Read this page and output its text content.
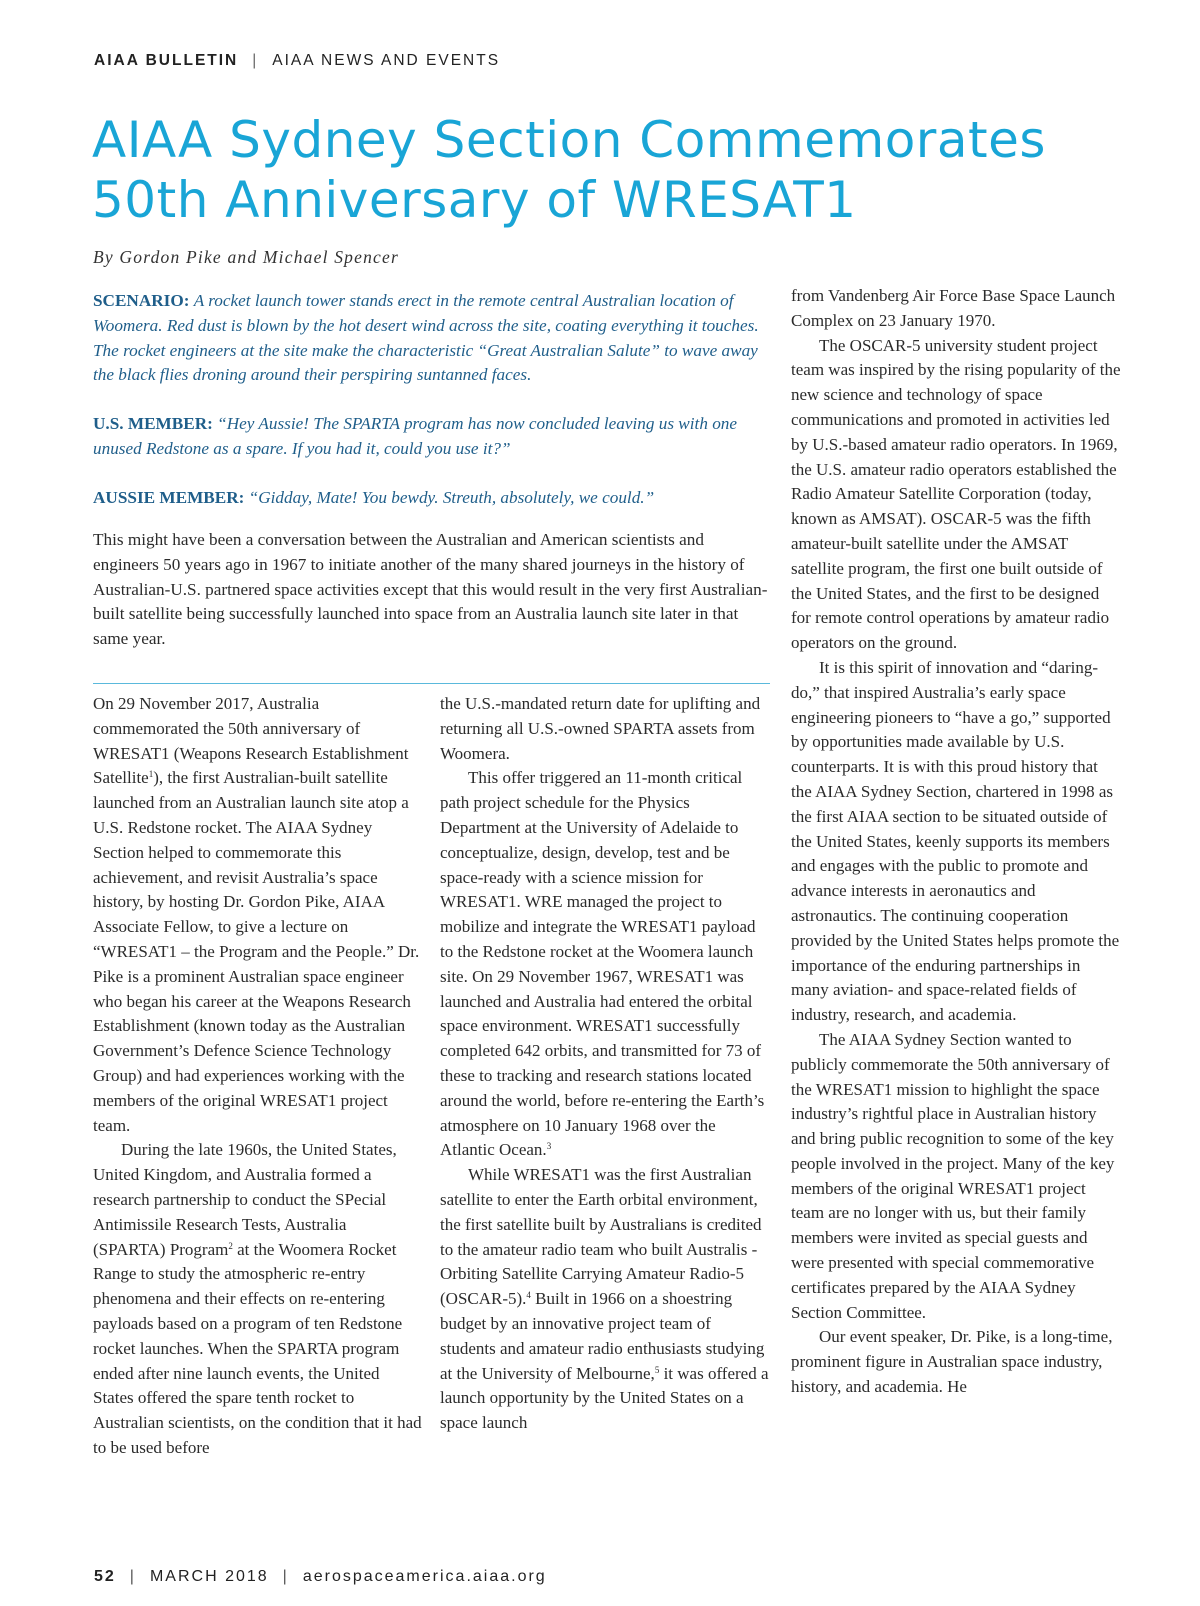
AIAA BULLETIN | AIAA NEWS AND EVENTS
AIAA Sydney Section Commemorates
50th Anniversary of WRESAT1
By Gordon Pike and Michael Spencer

SCENARIO: A rocket launch tower stands erect in the remote central Australian location of Woomera. Red dust is blown by the hot desert wind across the site, coating everything it touches. The rocket engineers at the site make the characteristic “Great Australian Salute” to wave away the black flies droning around their perspiring suntanned faces.

U.S. MEMBER: “Hey Aussie! The SPARTA program has now concluded leaving us with one unused Redstone as a spare. If you had it, could you use it?”

AUSSIE MEMBER: “Gidday, Mate! You bewdy. Streuth, absolutely, we could.”

This might have been a conversation between the Australian and American scientists and engineers 50 years ago in 1967 to initiate another of the many shared journeys in the history of Australian-U.S. partnered space activities except that this would result in the very first Australian-built satellite being successfully launched into space from an Australia launch site later in that same year.

On 29 November 2017, Australia commemorated the 50th anniversary of WRESAT1 (Weapons Research Establishment Satellite$^1$), the first Australian-built satellite launched from an Australian launch site atop a U.S. Redstone rocket. The AIAA Sydney Section helped to commemorate this achievement, and revisit Australia’s space history, by hosting Dr. Gordon Pike, AIAA Associate Fellow, to give a lecture on “WRESAT1 – the Program and the People.” Dr. Pike is a prominent Australian space engineer who began his career at the Weapons Research Establishment (known today as the Australian Government’s Defence Science Technology Group) and had experiences working with the members of the original WRESAT1 project team.

During the late 1960s, the United States, United Kingdom, and Australia formed a research partnership to conduct the SPecial Antimissile Research Tests, Australia (SPARTA) Program$^2$ at the Woomera Rocket Range to study the atmospheric re-entry phenomena and their effects on re-entering payloads based on a program of ten Redstone rocket launches. When the SPARTA program ended after nine launch events, the United States offered the spare tenth rocket to Australian scientists, on the condition that it had to be used before

the U.S.-mandated return date for uplifting and returning all U.S.-owned SPARTA assets from Woomera.

This offer triggered an 11-month critical path project schedule for the Physics Department at the University of Adelaide to conceptualize, design, develop, test and be space-ready with a science mission for WRESAT1. WRE managed the project to mobilize and integrate the WRESAT1 payload to the Redstone rocket at the Woomera launch site. On 29 November 1967, WRESAT1 was launched and Australia had entered the orbital space environment. WRESAT1 successfully completed 642 orbits, and transmitted for 73 of these to tracking and research stations located around the world, before re-entering the Earth’s atmosphere on 10 January 1968 over the Atlantic Ocean.$^3$

While WRESAT1 was the first Australian satellite to enter the Earth orbital environment, the first satellite built by Australians is credited to the amateur radio team who built Australis - Orbiting Satellite Carrying Amateur Radio-5 (OSCAR-5).$^4$ Built in 1966 on a shoestring budget by an innovative project team of students and amateur radio enthusiasts studying at the University of Melbourne,$^5$ it was offered a launch opportunity by the United States on a space launch

from Vandenberg Air Force Base Space Launch Complex on 23 January 1970.

The OSCAR-5 university student project team was inspired by the rising popularity of the new science and technology of space communications and promoted in activities led by U.S.-based amateur radio operators. In 1969, the U.S. amateur radio operators established the Radio Amateur Satellite Corporation (today, known as AMSAT). OSCAR-5 was the fifth amateur-built satellite under the AMSAT satellite program, the first one built outside of the United States, and the first to be designed for remote control operations by amateur radio operators on the ground.

It is this spirit of innovation and “daring-do,” that inspired Australia’s early space engineering pioneers to “have a go,” supported by opportunities made available by U.S. counterparts. It is with this proud history that the AIAA Sydney Section, chartered in 1998 as the first AIAA section to be situated outside of the United States, keenly supports its members and engages with the public to promote and advance interests in aeronautics and astronautics. The continuing cooperation provided by the United States helps promote the importance of the enduring partnerships in many aviation- and space-related fields of industry, research, and academia.

The AIAA Sydney Section wanted to publicly commemorate the 50th anniversary of the WRESAT1 mission to highlight the space industry’s rightful place in Australian history and bring public recognition to some of the key people involved in the project. Many of the key members of the original WRESAT1 project team are no longer with us, but their family members were invited as special guests and were presented with special commemorative certificates prepared by the AIAA Sydney Section Committee.

Our event speaker, Dr. Pike, is a long-time, prominent figure in Australian space industry, history, and academia. He

52 | MARCH 2018 | aerospaceamerica.aiaa.org
